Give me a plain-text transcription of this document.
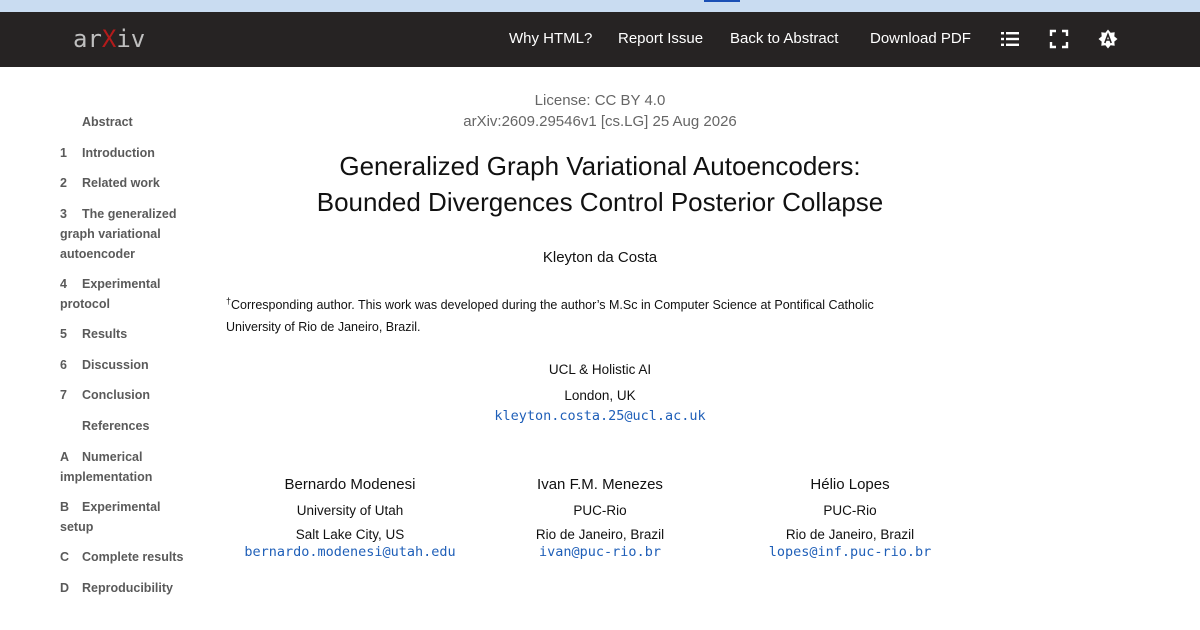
arXiv	Why HTML? Report Issue Back to Abstract Download PDF
Abstract
1 Introduction
2 Related work
3 The generalized graph variational autoencoder
4 Experimental protocol
5 Results
6 Discussion
7 Conclusion
References
A Numerical implementation
B Experimental setup
C Complete results
D Reproducibility
License: CC BY 4.0
arXiv:2609.29546v1 [cs.LG] 25 Aug 2026
Generalized Graph Variational Autoencoders:
Bounded Divergences Control Posterior Collapse
Kleyton da Costa
†Corresponding author. This work was developed during the author’s M.Sc in Computer Science at Pontifical Catholic University of Rio de Janeiro, Brazil.
UCL & Holistic AI
London, UK
kleyton.costa.25@ucl.ac.uk
Bernardo Modenesi
University of Utah
Salt Lake City, US
bernardo.modenesi@utah.edu
Ivan F.M. Menezes
PUC-Rio
Rio de Janeiro, Brazil
ivan@puc-rio.br
Hélio Lopes
PUC-Rio
Rio de Janeiro, Brazil
lopes@inf.puc-rio.br
